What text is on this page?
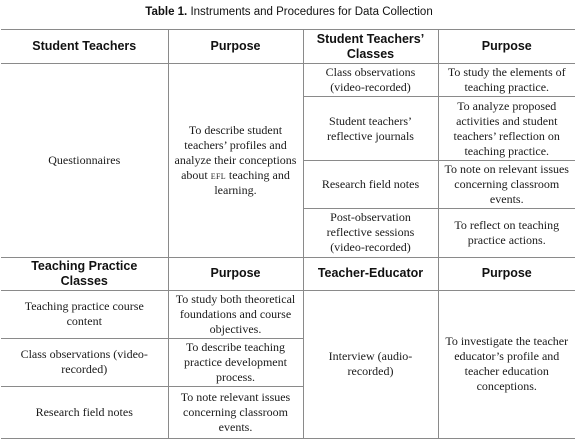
Table 1. Instruments and Procedures for Data Collection
Student Teachers	Purpose	Student Teachers’ Classes	Purpose
Questionnaires	To describe student teachers’ profiles and analyze their conceptions about efl teaching and learning.	Class observations (video-recorded)	To study the elements of teaching practice.
		Student teachers’ reflective journals	To analyze proposed activities and student teachers’ reflection on teaching practice.
		Research field notes	To note on relevant issues concerning classroom events.
		Post-observation reflective sessions (video-recorded)	To reflect on teaching practice actions.
Teaching Practice Classes	Purpose	Teacher-Educator	Purpose
Teaching practice course content	To study both theoretical foundations and course objectives.	Interview (audio-recorded)	To investigate the teacher educator’s profile and teacher education conceptions.
Class observations (video-recorded)	To describe teaching practice development process.		
Research field notes	To note relevant issues concerning classroom events.		
